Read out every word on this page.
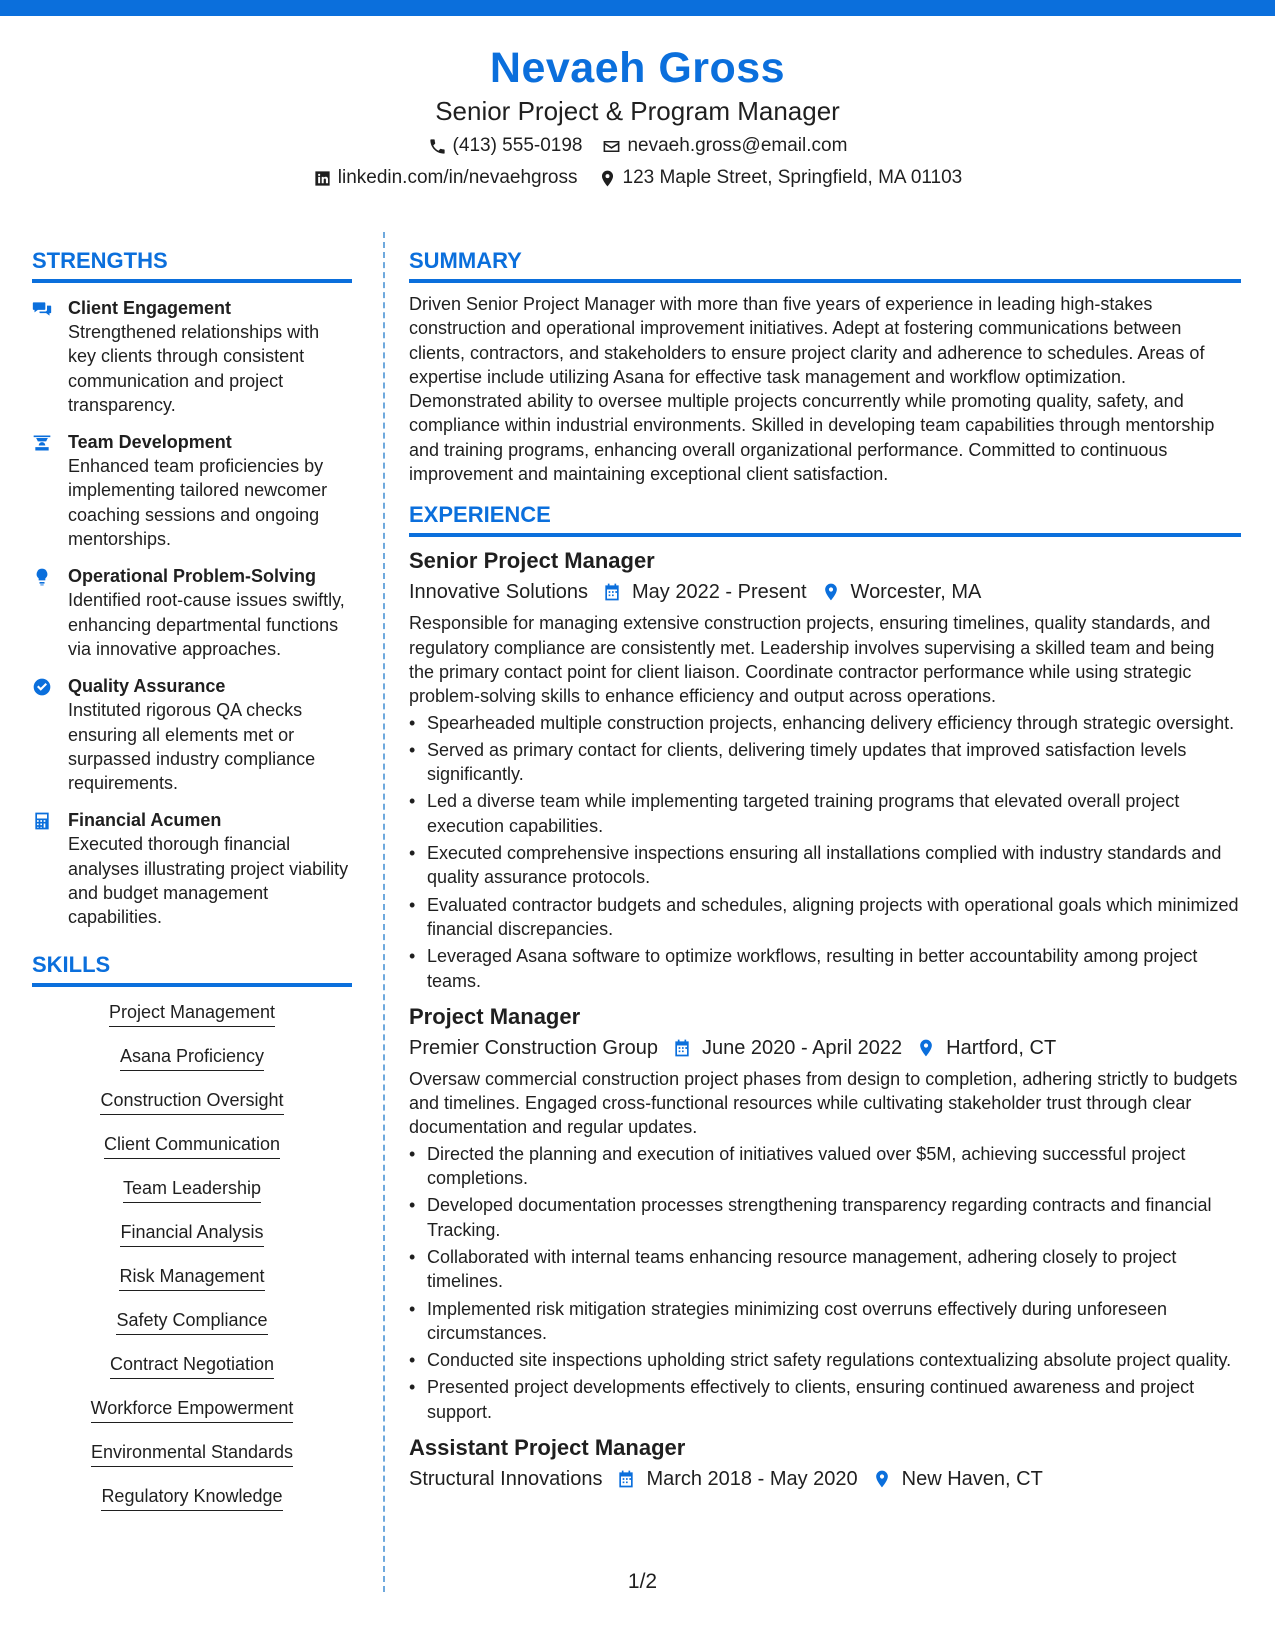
Nevaeh Gross
Senior Project & Program Manager
(413) 555-0198 nevaeh.gross@email.com
linkedin.com/in/nevaehgross 123 Maple Street, Springfield, MA 01103
STRENGTHS
Client Engagement
Strengthened relationships with key clients through consistent communication and project transparency.
Team Development
Enhanced team proficiencies by implementing tailored newcomer coaching sessions and ongoing mentorships.
Operational Problem-Solving
Identified root-cause issues swiftly, enhancing departmental functions via innovative approaches.
Quality Assurance
Instituted rigorous QA checks ensuring all elements met or surpassed industry compliance requirements.
Financial Acumen
Executed thorough financial analyses illustrating project viability and budget management capabilities.
SKILLS
Project Management
Asana Proficiency
Construction Oversight
Client Communication
Team Leadership
Financial Analysis
Risk Management
Safety Compliance
Contract Negotiation
Workforce Empowerment
Environmental Standards
Regulatory Knowledge
SUMMARY
Driven Senior Project Manager with more than five years of experience in leading high-stakes construction and operational improvement initiatives. Adept at fostering communications between clients, contractors, and stakeholders to ensure project clarity and adherence to schedules. Areas of expertise include utilizing Asana for effective task management and workflow optimization. Demonstrated ability to oversee multiple projects concurrently while promoting quality, safety, and compliance within industrial environments. Skilled in developing team capabilities through mentorship and training programs, enhancing overall organizational performance. Committed to continuous improvement and maintaining exceptional client satisfaction.
EXPERIENCE
Senior Project Manager
Innovative Solutions May 2022 - Present Worcester, MA
Responsible for managing extensive construction projects, ensuring timelines, quality standards, and regulatory compliance are consistently met. Leadership involves supervising a skilled team and being the primary contact point for client liaison. Coordinate contractor performance while using strategic problem-solving skills to enhance efficiency and output across operations.
• Spearheaded multiple construction projects, enhancing delivery efficiency through strategic oversight.
• Served as primary contact for clients, delivering timely updates that improved satisfaction levels significantly.
• Led a diverse team while implementing targeted training programs that elevated overall project execution capabilities.
• Executed comprehensive inspections ensuring all installations complied with industry standards and quality assurance protocols.
• Evaluated contractor budgets and schedules, aligning projects with operational goals which minimized financial discrepancies.
• Leveraged Asana software to optimize workflows, resulting in better accountability among project teams.
Project Manager
Premier Construction Group June 2020 - April 2022 Hartford, CT
Oversaw commercial construction project phases from design to completion, adhering strictly to budgets and timelines. Engaged cross-functional resources while cultivating stakeholder trust through clear documentation and regular updates.
• Directed the planning and execution of initiatives valued over $5M, achieving successful project completions.
• Developed documentation processes strengthening transparency regarding contracts and financial Tracking.
• Collaborated with internal teams enhancing resource management, adhering closely to project timelines.
• Implemented risk mitigation strategies minimizing cost overruns effectively during unforeseen circumstances.
• Conducted site inspections upholding strict safety regulations contextualizing absolute project quality.
• Presented project developments effectively to clients, ensuring continued awareness and project support.
Assistant Project Manager
Structural Innovations March 2018 - May 2020 New Haven, CT
1/2
